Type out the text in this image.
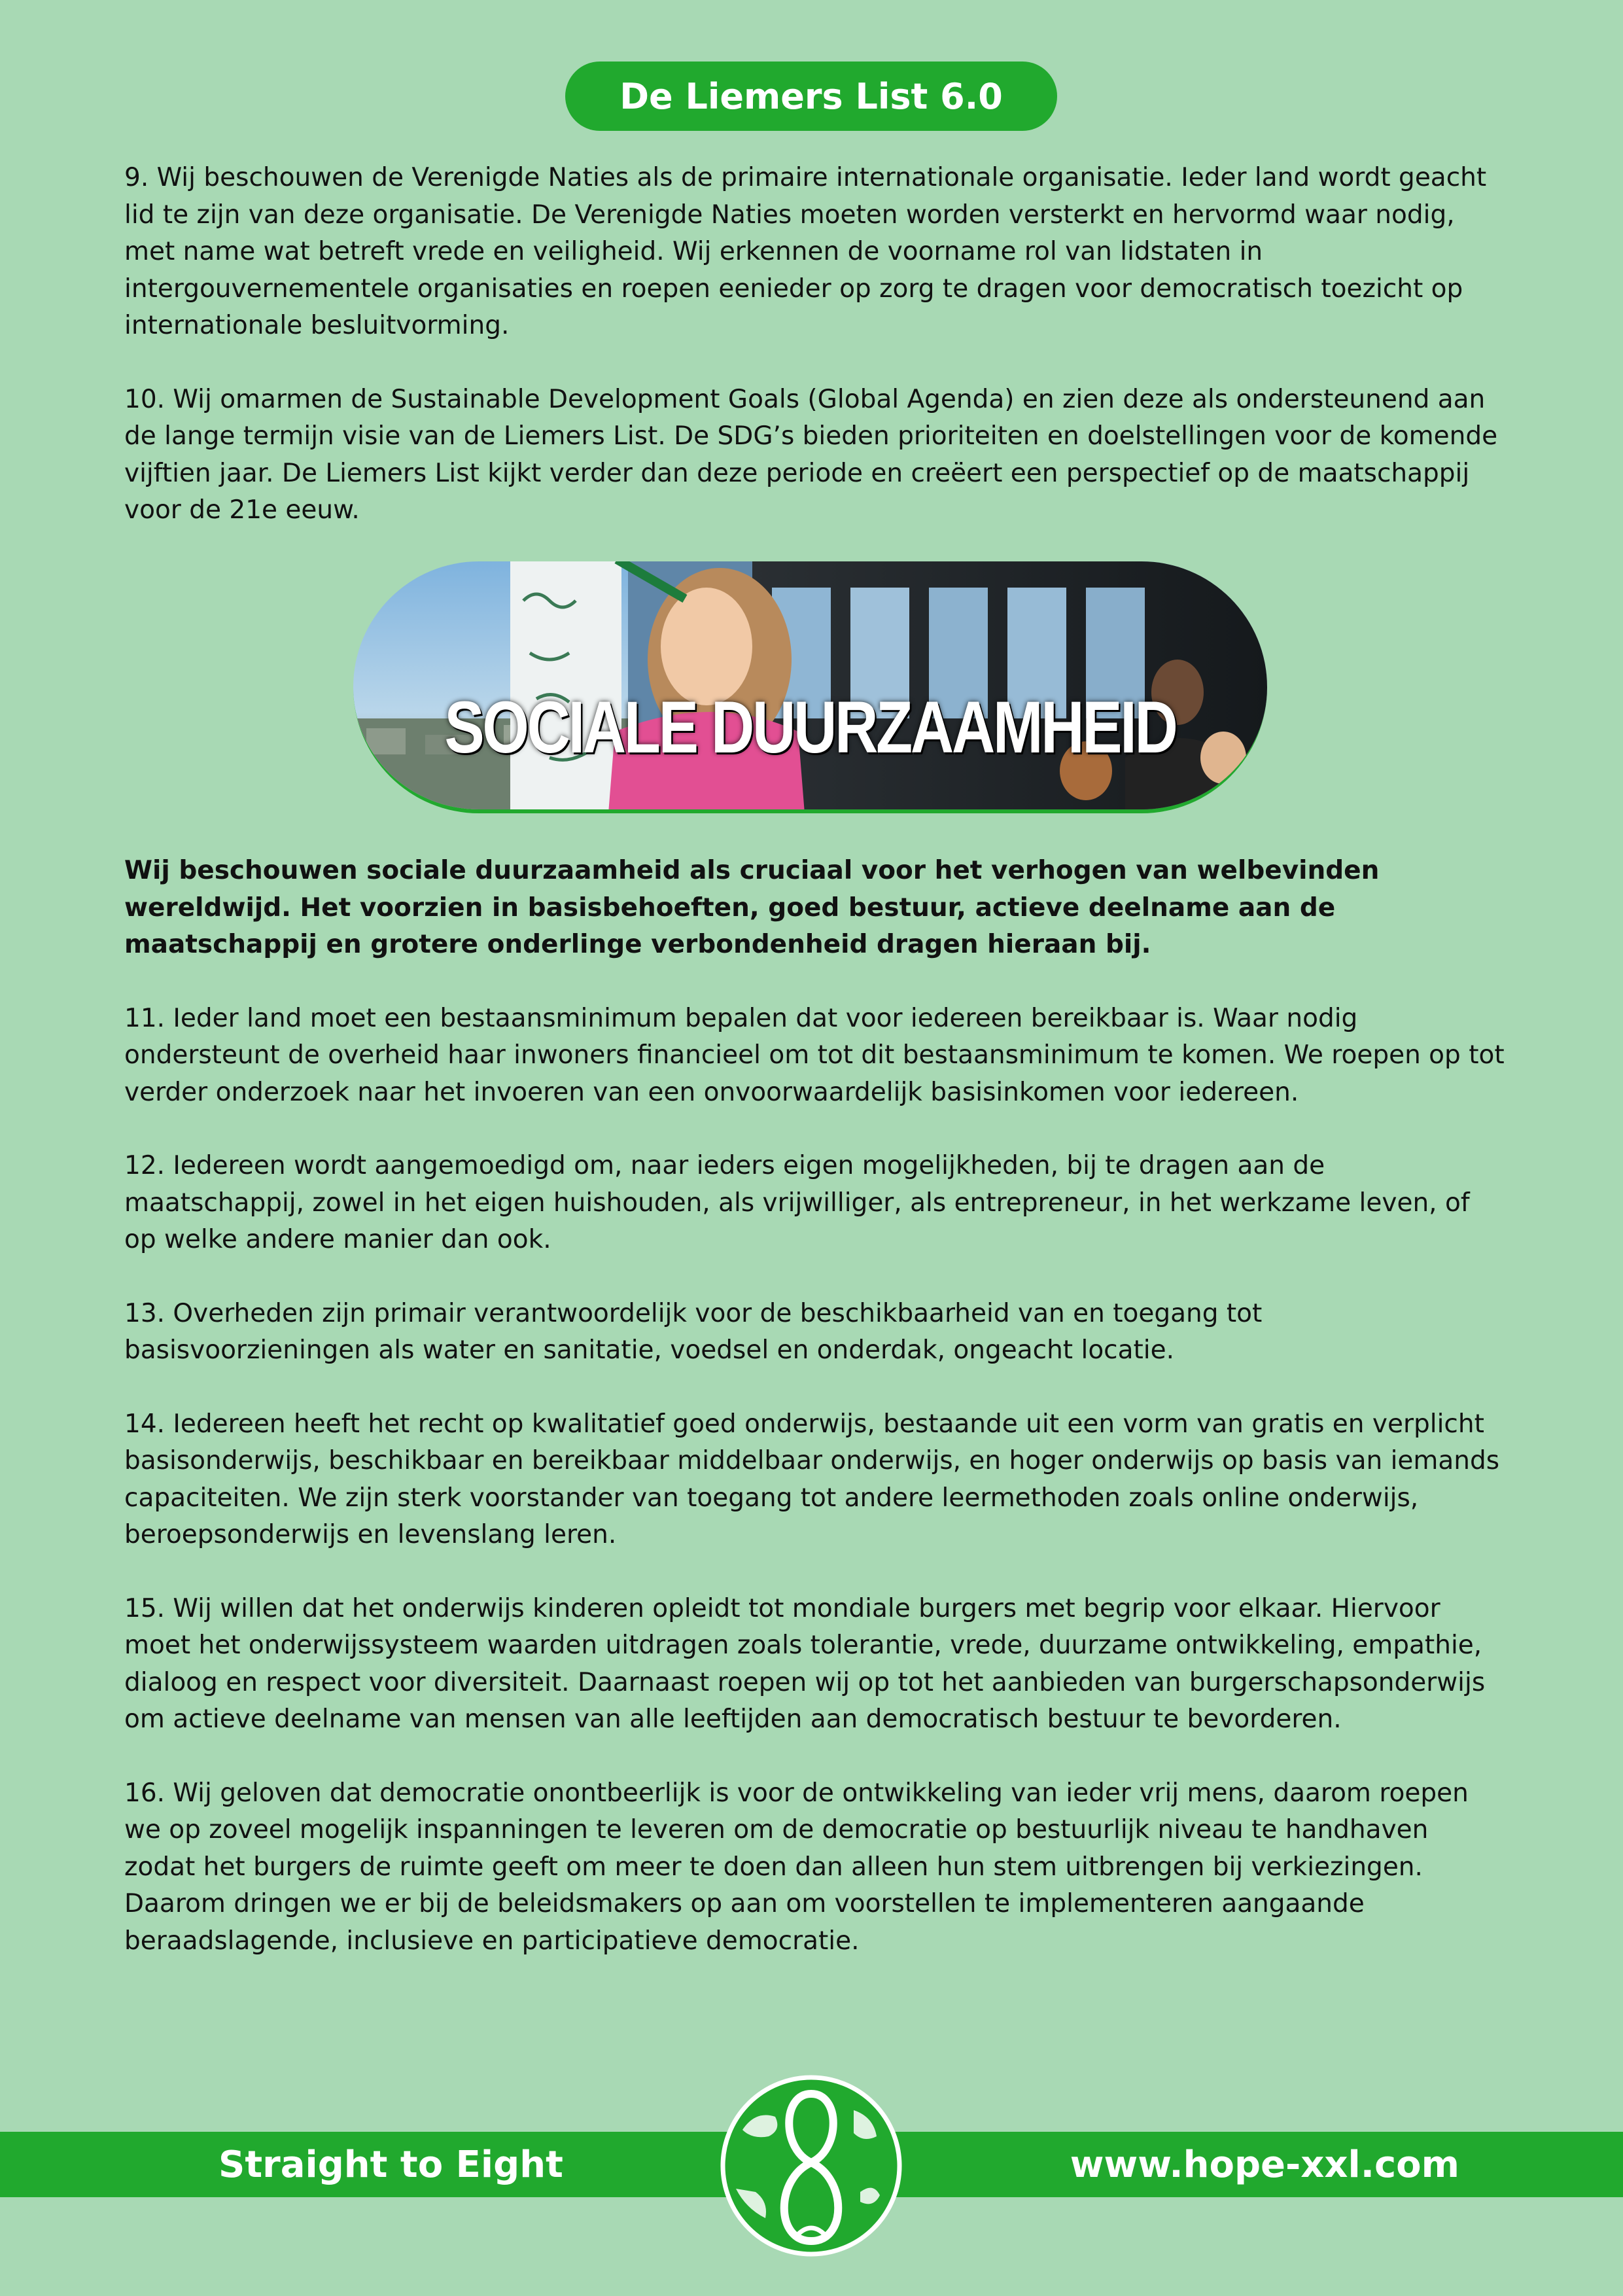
De Liemers List 6.0

9. Wij beschouwen de Verenigde Naties als de primaire internationale organisatie. Ieder land wordt geacht lid te zijn van deze organisatie. De Verenigde Naties moeten worden versterkt en hervormd waar nodig, met name wat betreft vrede en veiligheid. Wij erkennen de voorname rol van lidstaten in intergouvernementele organisaties en roepen eenieder op zorg te dragen voor democratisch toezicht op internationale besluitvorming.

10. Wij omarmen de Sustainable Development Goals (Global Agenda) en zien deze als ondersteunend aan de lange termijn visie van de Liemers List. De SDG’s bieden prioriteiten en doelstellingen voor de komende vijftien jaar. De Liemers List kijkt verder dan deze periode en creëert een perspectief op de maatschappij voor de 21e eeuw.

SOCIALE DUURZAAMHEID

Wij beschouwen sociale duurzaamheid als cruciaal voor het verhogen van welbevinden wereldwijd. Het voorzien in basisbehoeften, goed bestuur, actieve deelname aan de maatschappij en grotere onderlinge verbondenheid dragen hieraan bij.

11. Ieder land moet een bestaansminimum bepalen dat voor iedereen bereikbaar is. Waar nodig ondersteunt de overheid haar inwoners financieel om tot dit bestaansminimum te komen. We roepen op tot verder onderzoek naar het invoeren van een onvoorwaardelijk basisinkomen voor iedereen.

12. Iedereen wordt aangemoedigd om, naar ieders eigen mogelijkheden, bij te dragen aan de maatschappij, zowel in het eigen huishouden, als vrijwilliger, als entrepreneur, in het werkzame leven, of op welke andere manier dan ook.

13. Overheden zijn primair verantwoordelijk voor de beschikbaarheid van en toegang tot basisvoorzieningen als water en sanitatie, voedsel en onderdak, ongeacht locatie.

14. Iedereen heeft het recht op kwalitatief goed onderwijs, bestaande uit een vorm van gratis en verplicht basisonderwijs, beschikbaar en bereikbaar middelbaar onderwijs, en hoger onderwijs op basis van iemands capaciteiten. We zijn sterk voorstander van toegang tot andere leermethoden zoals online onderwijs, beroepsonderwijs en levenslang leren.

15. Wij willen dat het onderwijs kinderen opleidt tot mondiale burgers met begrip voor elkaar. Hiervoor moet het onderwijssysteem waarden uitdragen zoals tolerantie, vrede, duurzame ontwikkeling, empathie, dialoog en respect voor diversiteit. Daarnaast roepen wij op tot het aanbieden van burgerschapsonderwijs om actieve deelname van mensen van alle leeftijden aan democratisch bestuur te bevorderen.

16. Wij geloven dat democratie onontbeerlijk is voor de ontwikkeling van ieder vrij mens, daarom roepen we op zoveel mogelijk inspanningen te leveren om de democratie op bestuurlijk niveau te handhaven zodat het burgers de ruimte geeft om meer te doen dan alleen hun stem uitbrengen bij verkiezingen. Daarom dringen we er bij de beleidsmakers op aan om voorstellen te implementeren aangaande beraadslagende, inclusieve en participatieve democratie.

Straight to Eight	www.hope-xxl.com
